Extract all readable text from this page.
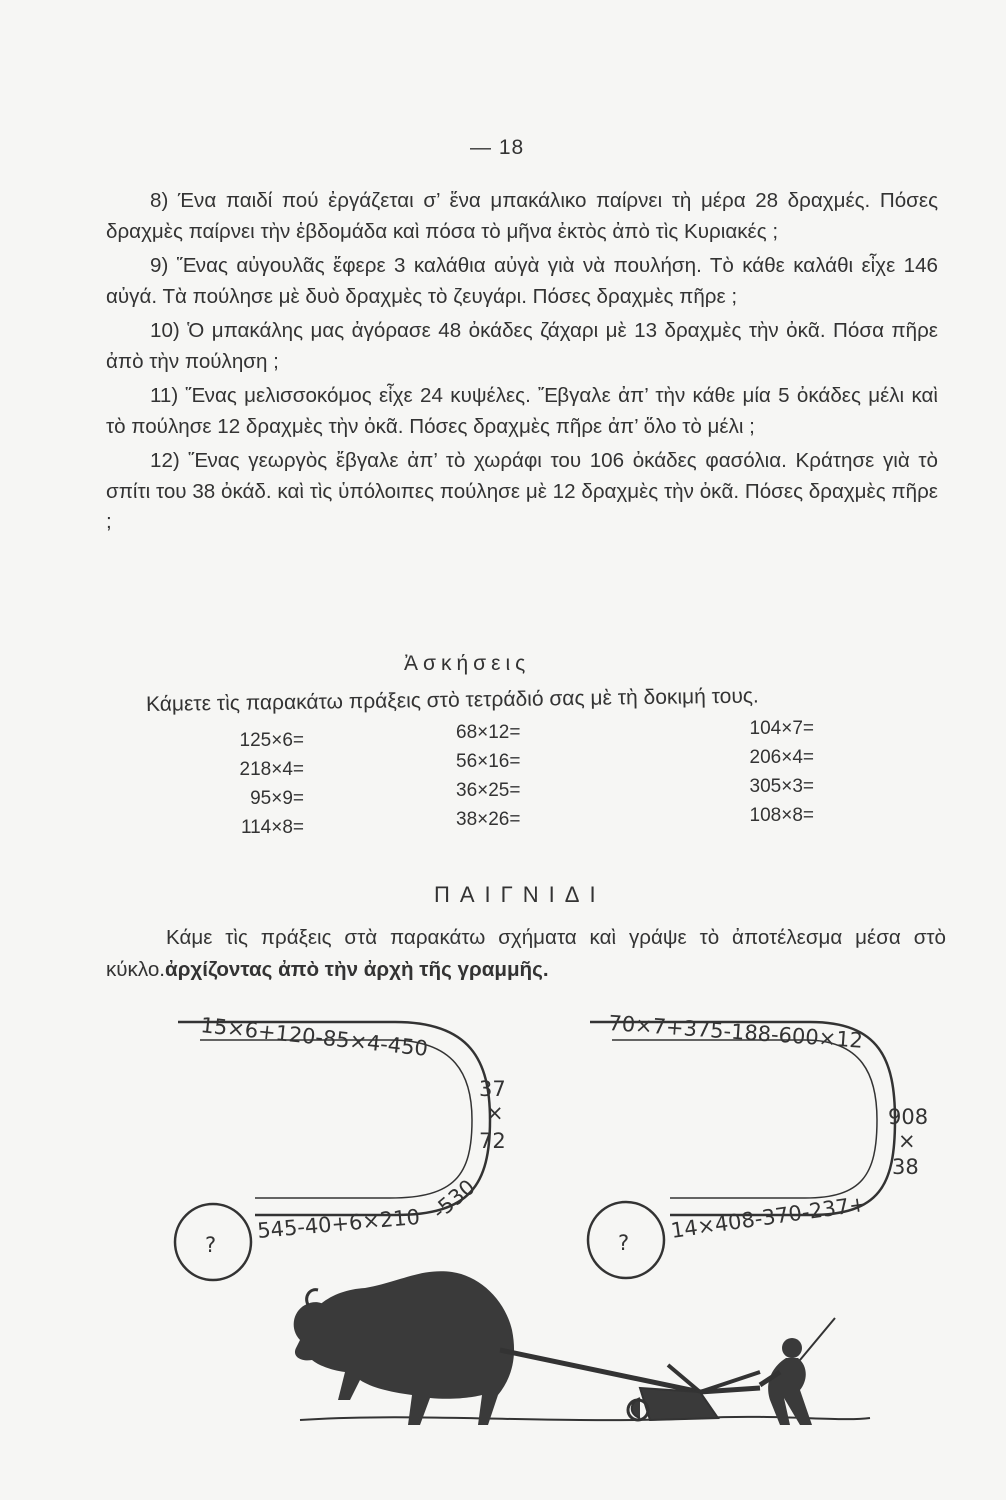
— 18

8) Ένα παιδί πού ἐργάζεται σ’ ἕνα μπακάλικο παίρνει τὴ μέρα 28 δραχμές. Πόσες δραχμὲς παίρνει τὴν ἑβδομάδα καὶ πόσα τὸ μῆνα ἐκτὸς ἀπὸ τὶς Κυριακές ;

9) Ἕνας αὐγουλᾶς ἔφερε 3 καλάθια αὐγὰ γιὰ νὰ πουλήση. Τὸ κάθε καλάθι εἶχε 146 αὐγά. Τὰ πούλησε μὲ δυὸ δραχμὲς τὸ ζευγάρι. Πόσες δραχμὲς πῆρε ;

10) Ὁ μπακάλης μας ἀγόρασε 48 ὀκάδες ζάχαρι μὲ 13 δραχμὲς τὴν ὀκᾶ. Πόσα πῆρε ἀπὸ τὴν πούληση ;

11) Ἕνας μελισσοκόμος εἶχε 24 κυψέλες. Ἔβγαλε ἀπ’ τὴν κάθε μία 5 ὀκάδες μέλι καὶ τὸ πούλησε 12 δραχμὲς τὴν ὀκᾶ. Πόσες δραχμὲς πῆρε ἀπ’ ὅλο τὸ μέλι ;

12) Ἕνας γεωργὸς ἔβγαλε ἀπ’ τὸ χωράφι του 106 ὀκάδες φασόλια. Κράτησε γιὰ τὸ σπίτι του 38 ὀκάδ. καὶ τὶς ὑπόλοιπες πούλησε μὲ 12 δραχμὲς τὴν ὀκᾶ. Πόσες δραχμὲς πῆρε ;

Ἀσκήσεις
Κάμετε τὶς παρακάτω πράξεις στὸ τετράδιό σας μὲ τὴ δοκιμή τους.
125×6=
218×4=
95×9=
114×8=
68×12=
56×16=
36×25=
38×26=
104×7=
206×4=
305×3=
108×8=
ΠΑΙΓΝΙΔΙ
Κάμε τὶς πράξεις στὰ παρακάτω σχήματα καὶ γράψε τὸ ἀποτέλεσμα μέσα στὸ κύκλο.ἀρχίζοντας ἀπὸ τὴν ἀρχὴ τῆς γραμμῆς.
?
15×6+120-85×4-450
37
×
72
-530
545-40+6×210
?
70×7+375-188-600×12
908
×
38
14×408-370-237+
